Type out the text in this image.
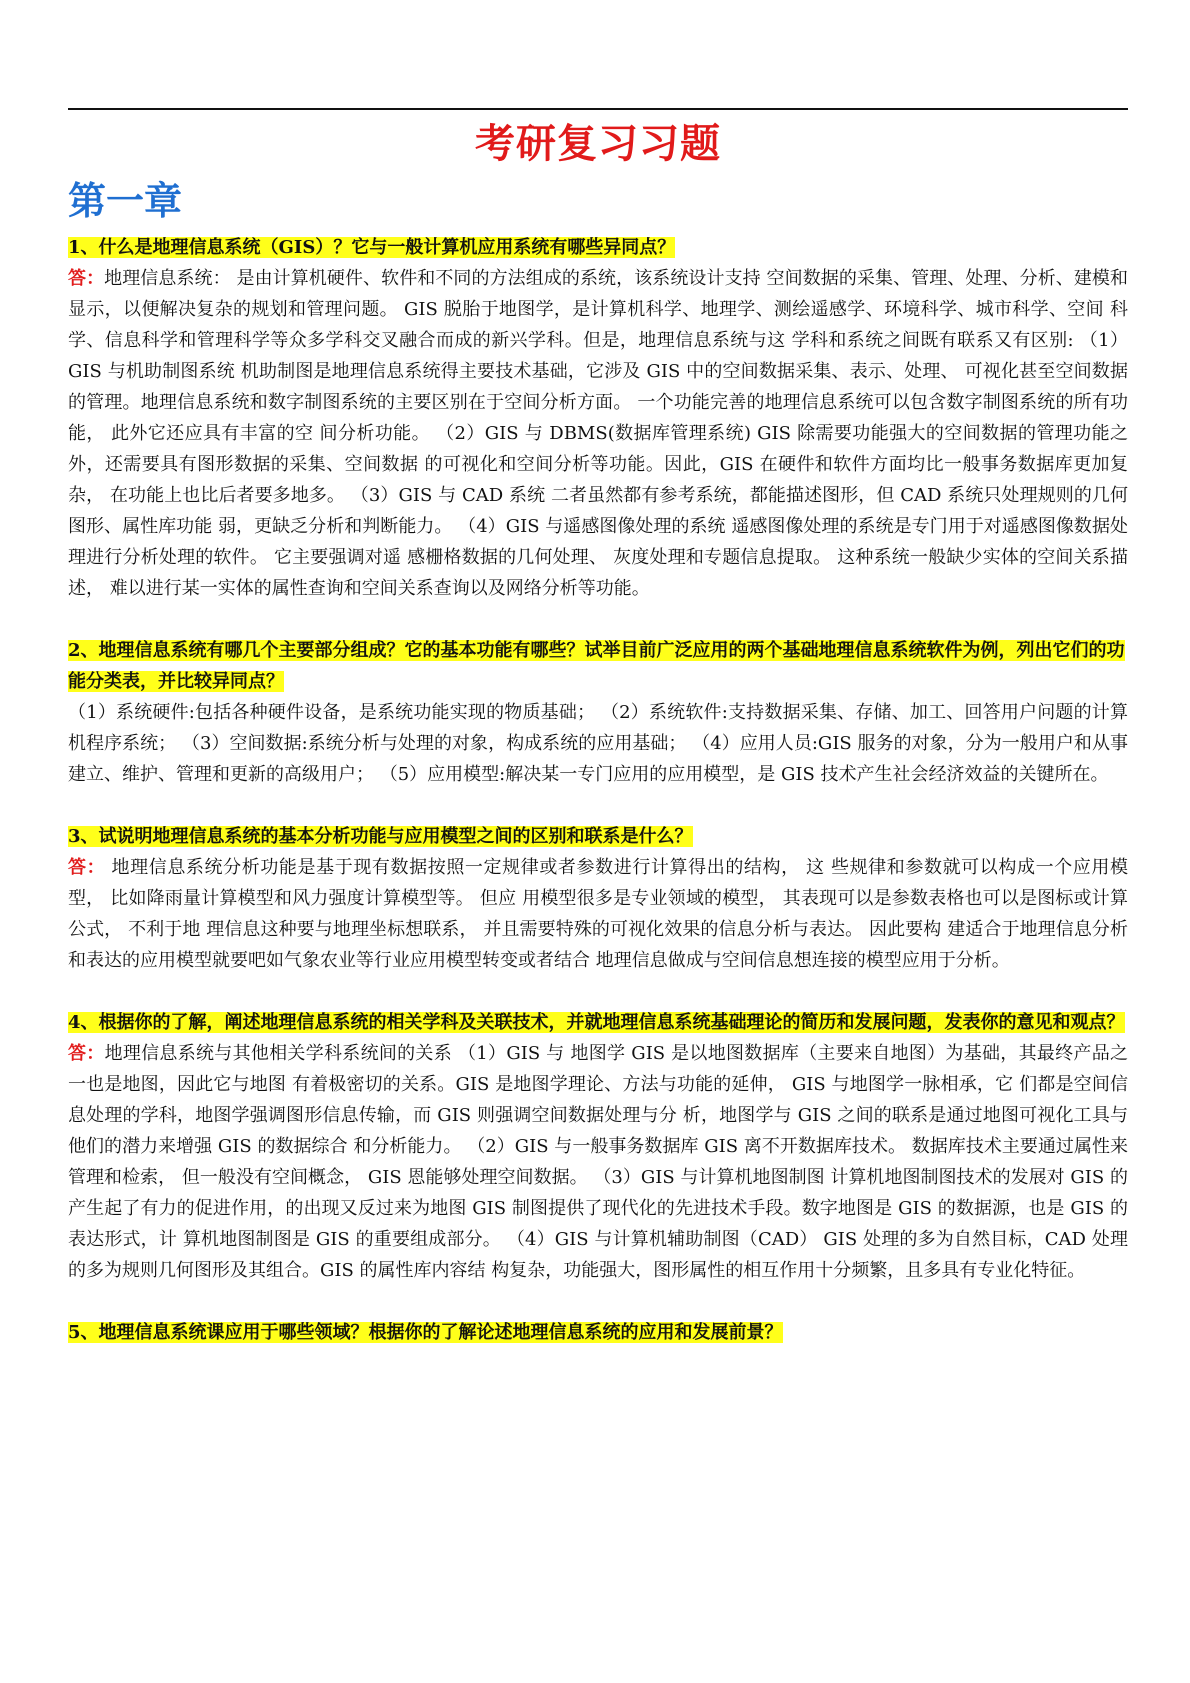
考研复习习题
第一章

1、什么是地理信息系统（GIS）？它与一般计算机应用系统有哪些异同点？

答：地理信息系统： 是由计算机硬件、软件和不同的方法组成的系统，该系统设计支持 空间数据的采集、管理、处理、分析、建模和显示，以便解决复杂的规划和管理问题。 GIS 脱胎于地图学，是计算机科学、地理学、测绘遥感学、环境科学、城市科学、空间 科学、信息科学和管理科学等众多学科交叉融合而成的新兴学科。但是，地理信息系统与这 学科和系统之间既有联系又有区别: （1） GIS 与机助制图系统 机助制图是地理信息系统得主要技术基础，它涉及 GIS 中的空间数据采集、表示、处理、 可视化甚至空间数据的管理。地理信息系统和数字制图系统的主要区别在于空间分析方面。 一个功能完善的地理信息系统可以包含数字制图系统的所有功能， 此外它还应具有丰富的空 间分析功能。 （2）GIS 与 DBMS(数据库管理系统) GIS 除需要功能强大的空间数据的管理功能之外，还需要具有图形数据的采集、空间数据 的可视化和空间分析等功能。因此，GIS 在硬件和软件方面均比一般事务数据库更加复杂， 在功能上也比后者要多地多。 （3）GIS 与 CAD 系统 二者虽然都有参考系统，都能描述图形，但 CAD 系统只处理规则的几何图形、属性库功能 弱，更缺乏分析和判断能力。 （4）GIS 与遥感图像处理的系统 遥感图像处理的系统是专门用于对遥感图像数据处理进行分析处理的软件。 它主要强调对遥 感栅格数据的几何处理、 灰度处理和专题信息提取。 这种系统一般缺少实体的空间关系描述， 难以进行某一实体的属性查询和空间关系查询以及网络分析等功能。

2、地理信息系统有哪几个主要部分组成？它的基本功能有哪些？试举目前广泛应用的两个基础地理信息系统软件为例，列出它们的功能分类表，并比较异同点？

（1）系统硬件:包括各种硬件设备，是系统功能实现的物质基础； （2）系统软件:支持数据采集、存储、加工、回答用户问题的计算机程序系统； （3）空间数据:系统分析与处理的对象，构成系统的应用基础； （4）应用人员:GIS 服务的对象，分为一般用户和从事建立、维护、管理和更新的高级用户； （5）应用模型:解决某一专门应用的应用模型，是 GIS 技术产生社会经济效益的关键所在。

3、试说明地理信息系统的基本分析功能与应用模型之间的区别和联系是什么？

答： 地理信息系统分析功能是基于现有数据按照一定规律或者参数进行计算得出的结构， 这 些规律和参数就可以构成一个应用模型， 比如降雨量计算模型和风力强度计算模型等。 但应 用模型很多是专业领域的模型， 其表现可以是参数表格也可以是图标或计算公式， 不利于地 理信息这种要与地理坐标想联系， 并且需要特殊的可视化效果的信息分析与表达。 因此要构 建适合于地理信息分析和表达的应用模型就要吧如气象农业等行业应用模型转变或者结合 地理信息做成与空间信息想连接的模型应用于分析。

4、根据你的了解，阐述地理信息系统的相关学科及关联技术，并就地理信息系统基础理论的简历和发展问题，发表你的意见和观点？

答：地理信息系统与其他相关学科系统间的关系 （1）GIS 与 地图学 GIS 是以地图数据库（主要来自地图）为基础，其最终产品之一也是地图，因此它与地图 有着极密切的关系。GIS 是地图学理论、方法与功能的延伸， GIS 与地图学一脉相承，它 们都是空间信息处理的学科，地图学强调图形信息传输，而 GIS 则强调空间数据处理与分 析，地图学与 GIS 之间的联系是通过地图可视化工具与他们的潜力来增强 GIS 的数据综合 和分析能力。 （2）GIS 与一般事务数据库 GIS 离不开数据库技术。 数据库技术主要通过属性来管理和检索， 但一般没有空间概念， GIS 恩能够处理空间数据。 （3）GIS 与计算机地图制图 计算机地图制图技术的发展对 GIS 的产生起了有力的促进作用，的出现又反过来为地图 GIS 制图提供了现代化的先进技术手段。数字地图是 GIS 的数据源，也是 GIS 的表达形式，计 算机地图制图是 GIS 的重要组成部分。 （4）GIS 与计算机辅助制图（CAD） GIS 处理的多为自然目标，CAD 处理的多为规则几何图形及其组合。GIS 的属性库内容结 构复杂，功能强大，图形属性的相互作用十分频繁，且多具有专业化特征。

5、地理信息系统课应用于哪些领域？根据你的了解论述地理信息系统的应用和发展前景？
